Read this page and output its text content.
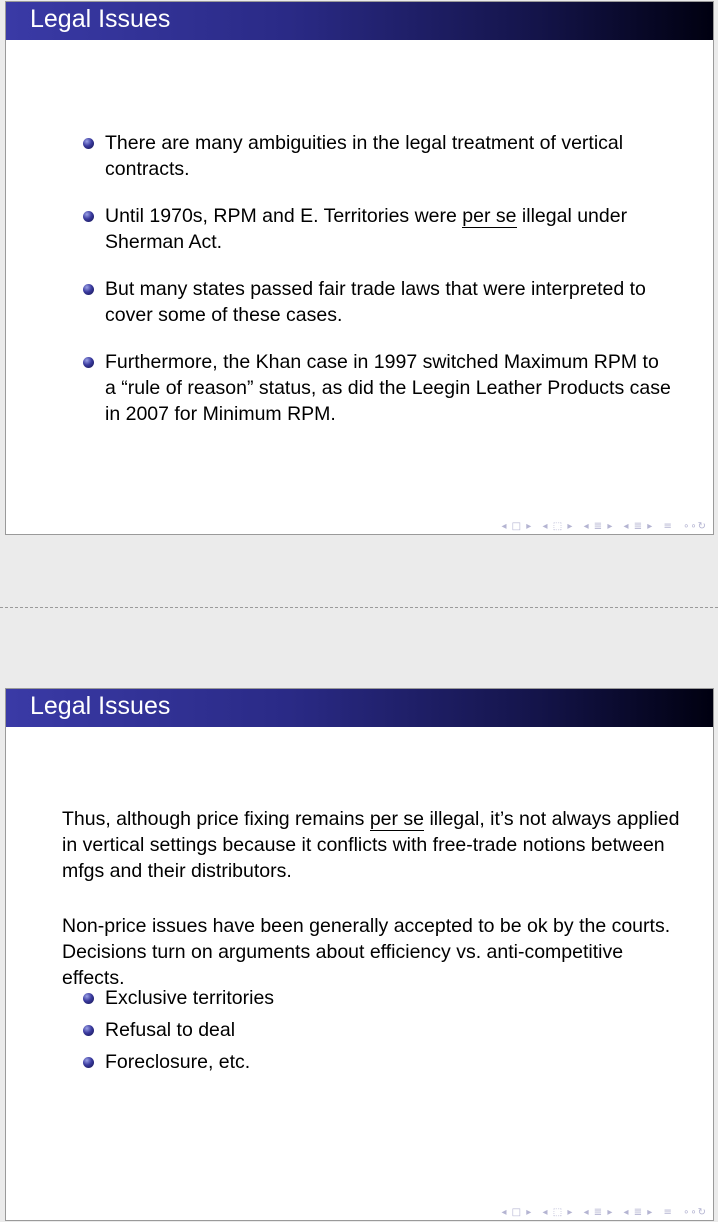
Legal Issues
There are many ambiguities in the legal treatment of vertical contracts.
Until 1970s, RPM and E. Territories were per se illegal under Sherman Act.
But many states passed fair trade laws that were interpreted to cover some of these cases.
Furthermore, the Khan case in 1997 switched Maximum RPM to a “rule of reason” status, as did the Leegin Leather Products case in 2007 for Minimum RPM.
◂ □ ▸ ◂ ⬚ ▸ ◂ ≣ ▸ ◂ ≣ ▸ ≡ ∘∘↻
Legal Issues

Thus, although price fixing remains per se illegal, it’s not always applied in vertical settings because it conflicts with free-trade notions between mfgs and their distributors.

Non-price issues have been generally accepted to be ok by the courts. Decisions turn on arguments about efficiency vs. anti-competitive effects.

Exclusive territories
Refusal to deal
Foreclosure, etc.
◂ □ ▸ ◂ ⬚ ▸ ◂ ≣ ▸ ◂ ≣ ▸ ≡ ∘∘↻
